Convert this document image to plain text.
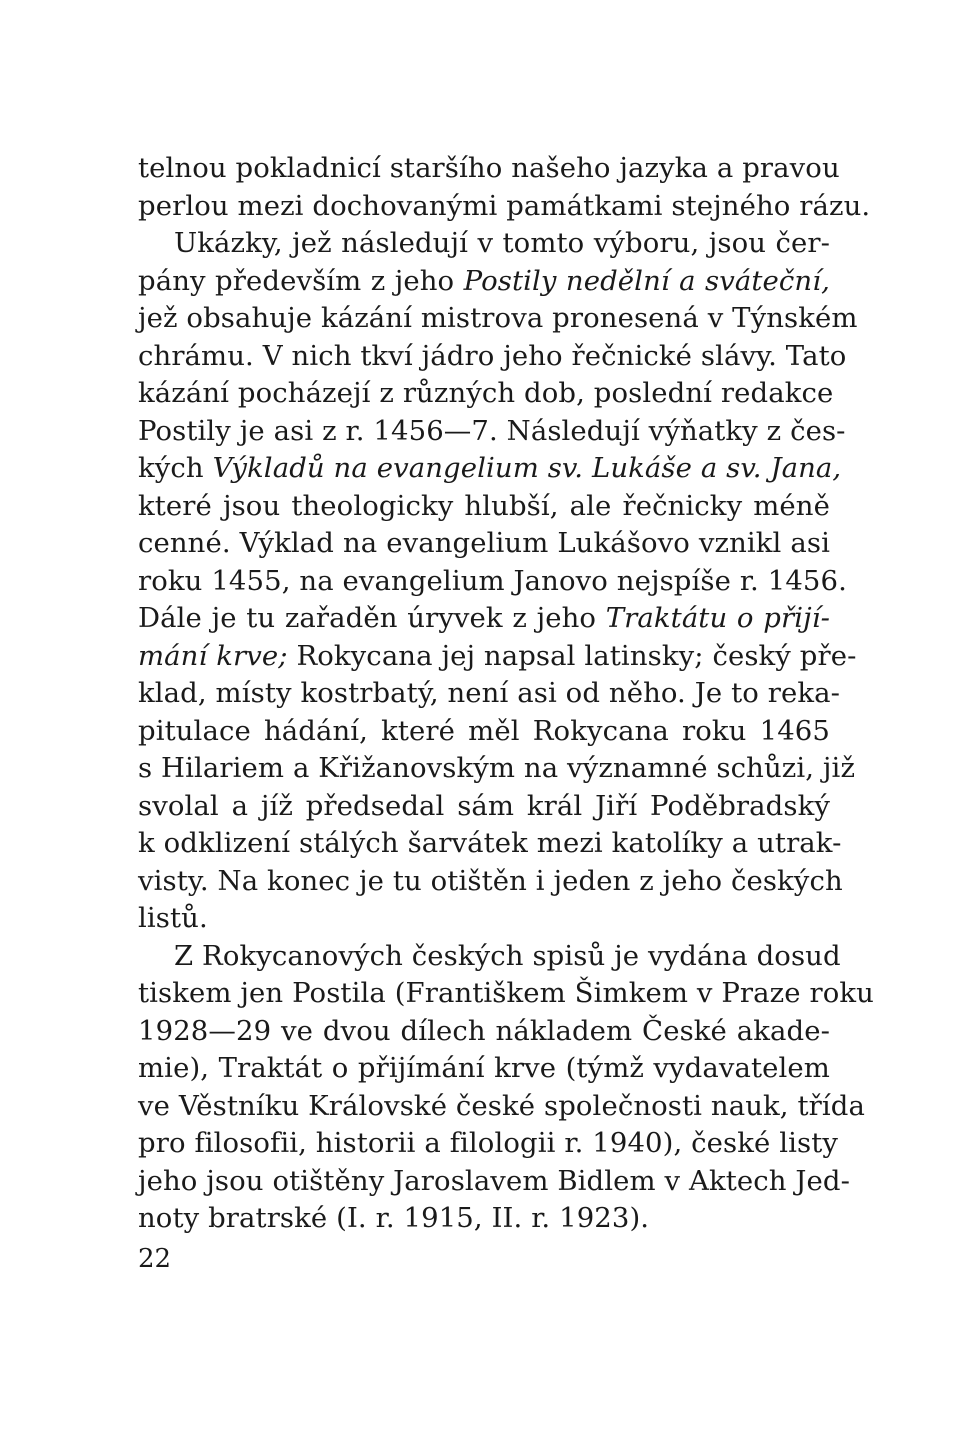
telnou pokladnicí staršího našeho jazyka a pravou
perlou mezi dochovanými památkami stejného rázu.
Ukázky, jež následují v tomto výboru, jsou čer-
pány především z jeho Postily nedělní a sváteční,
jež obsahuje kázání mistrova pronesená v Týnském
chrámu. V nich tkví jádro jeho řečnické slávy. Tato
kázání pocházejí z různých dob, poslední redakce
Postily je asi z r. 1456—7. Následují výňatky z čes-
kých Výkladů na evangelium sv. Lukáše a sv. Jana,
které jsou theologicky hlubší, ale řečnicky méně
cenné. Výklad na evangelium Lukášovo vznikl asi
roku 1455, na evangelium Janovo nejspíše r. 1456.
Dále je tu zařaděn úryvek z jeho Traktátu o přijí-
mání krve; Rokycana jej napsal latinsky; český pře-
klad, místy kostrbatý, není asi od něho. Je to reka-
pitulace hádání, které měl Rokycana roku 1465
s Hilariem a Křižanovským na významné schůzi, již
svolal a jíž předsedal sám král Jiří Poděbradský
k odklizení stálých šarvátek mezi katolíky a utrak-
visty. Na konec je tu otištěn i jeden z jeho českých
listů.
Z Rokycanových českých spisů je vydána dosud
tiskem jen Postila (Františkem Šimkem v Praze roku
1928—29 ve dvou dílech nákladem České akade-
mie), Traktát o přijímání krve (týmž vydavatelem
ve Věstníku Královské české společnosti nauk, třída
pro filosofii, historii a filologii r. 1940), české listy
jeho jsou otištěny Jaroslavem Bidlem v Aktech Jed-
noty bratrské (I. r. 1915, II. r. 1923).
22
